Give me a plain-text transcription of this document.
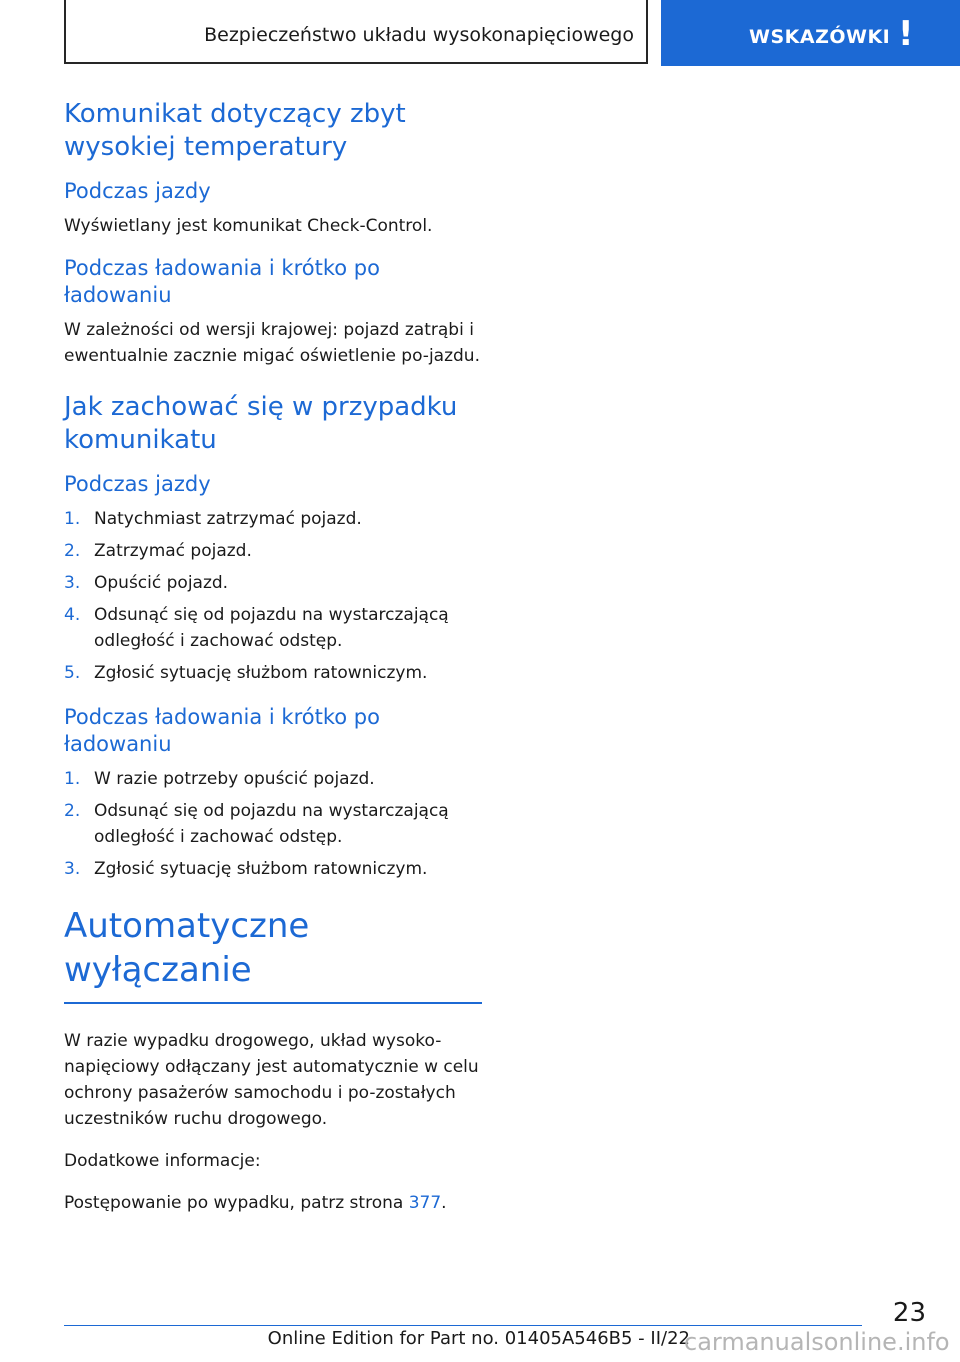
Bezpieczeństwo układu wysokonapięciowego	WSKAZÓWKI !
Komunikat dotyczący zbyt wysokiej temperatury
Podczas jazdy

Wyświetlany jest komunikat Check-Control.

Podczas ładowania i krótko po ładowaniu

W zależności od wersji krajowej: pojazd zatrąbi i ewentualnie zacznie migać oświetlenie po-jazdu.

Jak zachować się w przypadku komunikatu
Podczas jazdy
1. Natychmiast zatrzymać pojazd.
2. Zatrzymać pojazd.
3. Opuścić pojazd.
4. Odsunąć się od pojazdu na wystarczającą odległość i zachować odstęp.
5. Zgłosić sytuację służbom ratowniczym.
Podczas ładowania i krótko po ładowaniu
1. W razie potrzeby opuścić pojazd.
2. Odsunąć się od pojazdu na wystarczającą odległość i zachować odstęp.
3. Zgłosić sytuację służbom ratowniczym.
Automatyczne wyłączanie

W razie wypadku drogowego, układ wysoko-napięciowy odłączany jest automatycznie w celu ochrony pasażerów samochodu i po-zostałych uczestników ruchu drogowego.

Dodatkowe informacje:

Postępowanie po wypadku, patrz strona 377.

23
Online Edition for Part no. 01405A546B5 - II/22
carmanualsonline.info
